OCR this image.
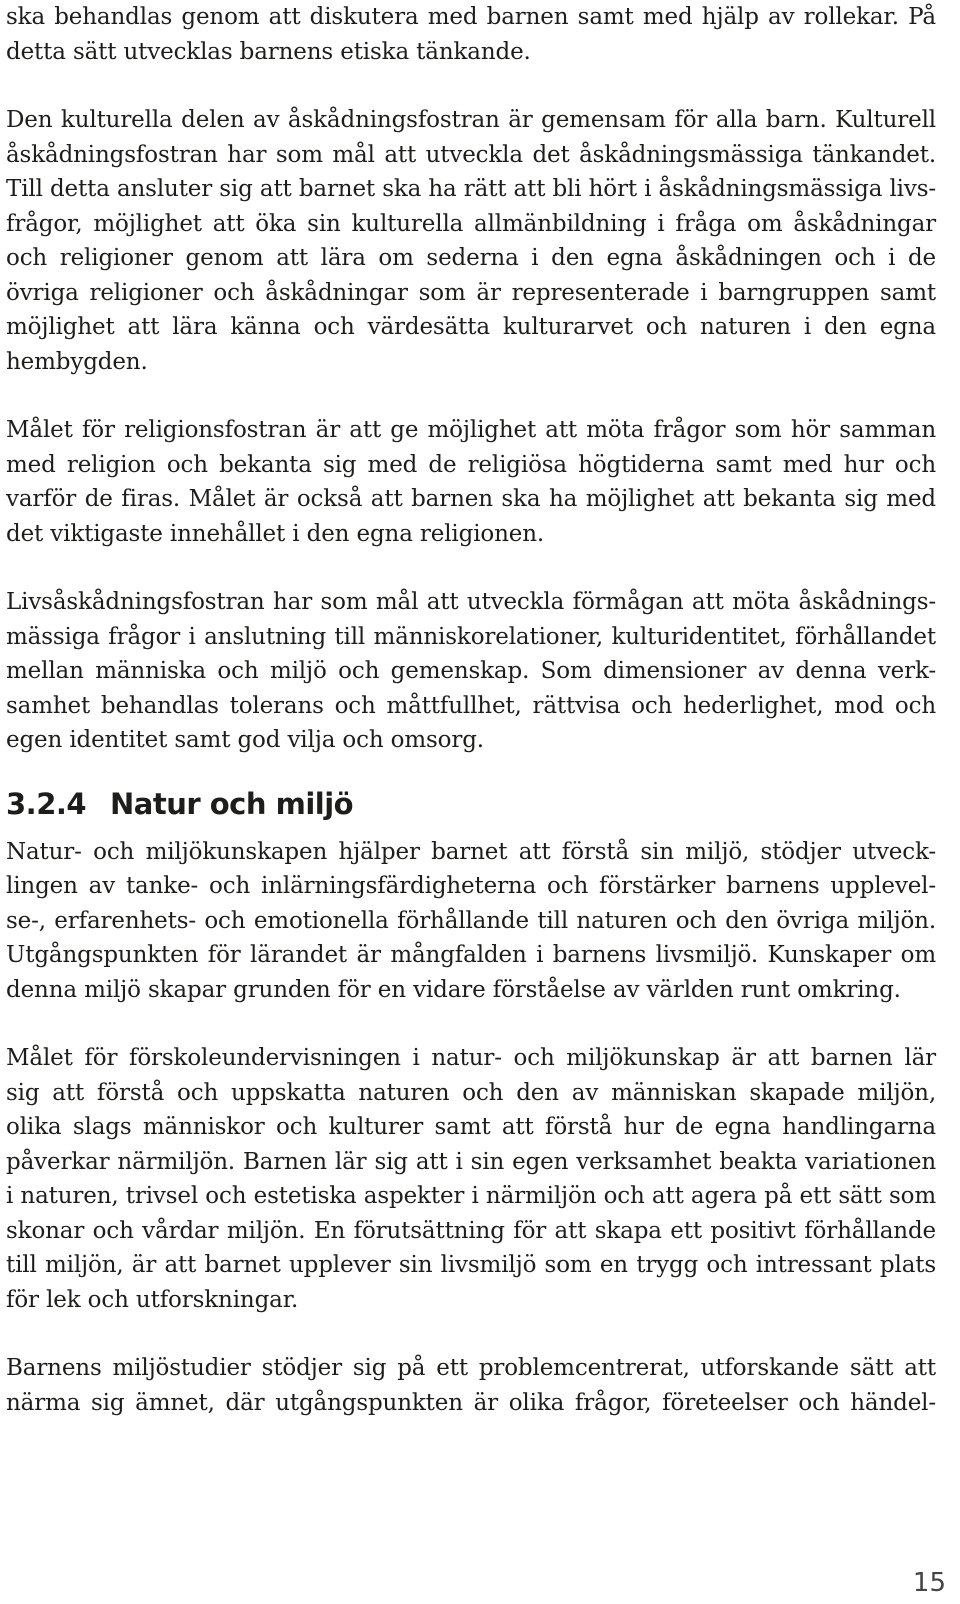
ska behandlas genom att diskutera med barnen samt med hjälp av rollekar. På
detta sätt utvecklas barnens etiska tänkande.
Den kulturella delen av åskådningsfostran är gemensam för alla barn. Kulturell
åskådningsfostran har som mål att utveckla det åskådningsmässiga tänkandet.
Till detta ansluter sig att barnet ska ha rätt att bli hört i åskådningsmässiga livs-
frågor, möjlighet att öka sin kulturella allmänbildning i fråga om åskådningar
och religioner genom att lära om sederna i den egna åskådningen och i de
övriga religioner och åskådningar som är representerade i barngruppen samt
möjlighet att lära känna och värdesätta kulturarvet och naturen i den egna
hembygden.
Målet för religionsfostran är att ge möjlighet att möta frågor som hör samman
med religion och bekanta sig med de religiösa högtiderna samt med hur och
varför de firas. Målet är också att barnen ska ha möjlighet att bekanta sig med
det viktigaste innehållet i den egna religionen.
Livsåskådningsfostran har som mål att utveckla förmågan att möta åskådnings-
mässiga frågor i anslutning till människorelationer, kulturidentitet, förhållandet
mellan människa och miljö och gemenskap. Som dimensioner av denna verk-
samhet behandlas tolerans och måttfullhet, rättvisa och hederlighet, mod och
egen identitet samt god vilja och omsorg.
3.2.4 Natur och miljö
Natur- och miljökunskapen hjälper barnet att förstå sin miljö, stödjer utveck-
lingen av tanke- och inlärningsfärdigheterna och förstärker barnens upplevel-
se-, erfarenhets- och emotionella förhållande till naturen och den övriga miljön.
Utgångspunkten för lärandet är mångfalden i barnens livsmiljö. Kunskaper om
denna miljö skapar grunden för en vidare förståelse av världen runt omkring.
Målet för förskoleundervisningen i natur- och miljökunskap är att barnen lär
sig att förstå och uppskatta naturen och den av människan skapade miljön,
olika slags människor och kulturer samt att förstå hur de egna handlingarna
påverkar närmiljön. Barnen lär sig att i sin egen verksamhet beakta variationen
i naturen, trivsel och estetiska aspekter i närmiljön och att agera på ett sätt som
skonar och vårdar miljön. En förutsättning för att skapa ett positivt förhållande
till miljön, är att barnet upplever sin livsmiljö som en trygg och intressant plats
för lek och utforskningar.
Barnens miljöstudier stödjer sig på ett problemcentrerat, utforskande sätt att
närma sig ämnet, där utgångspunkten är olika frågor, företeelser och händel-
15
